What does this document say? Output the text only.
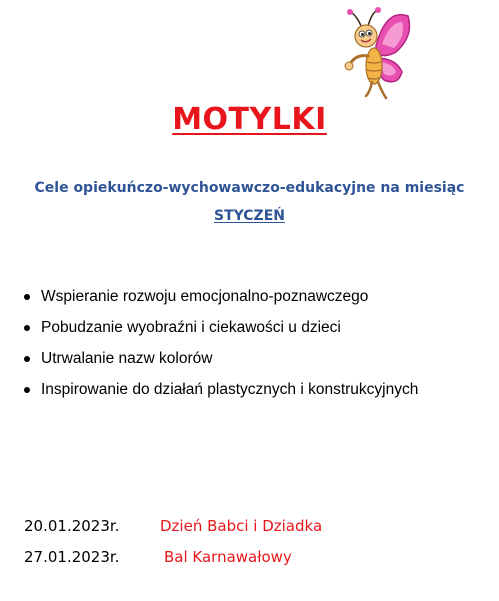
MOTYLKI
Cele opiekuńczo-wychowawczo-edukacyjne na miesiąc
STYCZEŃ
Wspieranie rozwoju emocjonalno-poznawczego
Pobudzanie wyobraźni i ciekawości u dzieci
Utrwalanie nazw kolorów
Inspirowanie do działań plastycznych i konstrukcyjnych
20.01.2023r.	Dzień Babci i Dziadka
27.01.2023r.	Bal Karnawałowy
